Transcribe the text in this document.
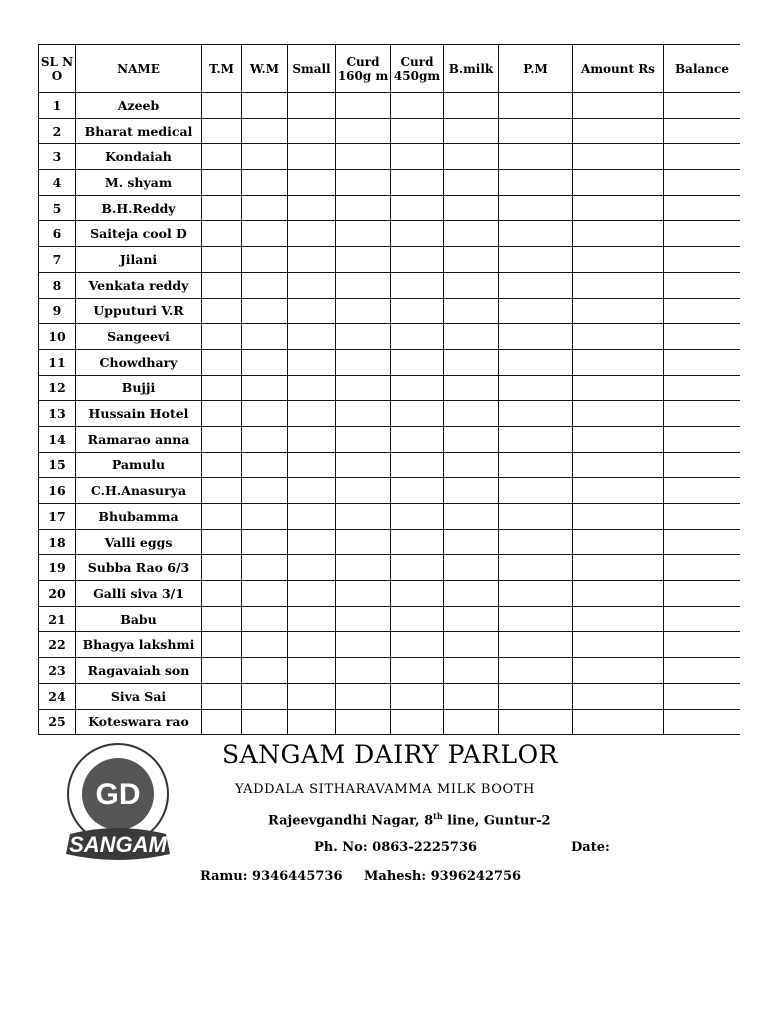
SL N O	NAME	T.M	W.M	Small	Curd 160g m	Curd 450gm	B.milk	P.M	Amount Rs	Balance
1	Azeeb									
2	Bharat medical									
3	Kondaiah									
4	M. shyam									
5	B.H.Reddy									
6	Saiteja cool D									
7	Jilani									
8	Venkata reddy									
9	Upputuri V.R									
10	Sangeevi									
11	Chowdhary									
12	Bujji									
13	Hussain Hotel									
14	Ramarao anna									
15	Pamulu									
16	C.H.Anasurya									
17	Bhubamma									
18	Valli eggs									
19	Subba Rao 6/3									
20	Galli siva 3/1									
21	Babu									
22	Bhagya lakshmi									
23	Ragavaiah son									
24	Siva Sai									
25	Koteswara rao									
GD
SANGAM
SANGAM DAIRY PARLOR
YADDALA SITHARAVAMMA MILK BOOTH
Rajeevgandhi Nagar, 8th line, Guntur-2
Ph. No: 0863-2225736	Date:
Ramu: 9346445736 Mahesh: 9396242756
